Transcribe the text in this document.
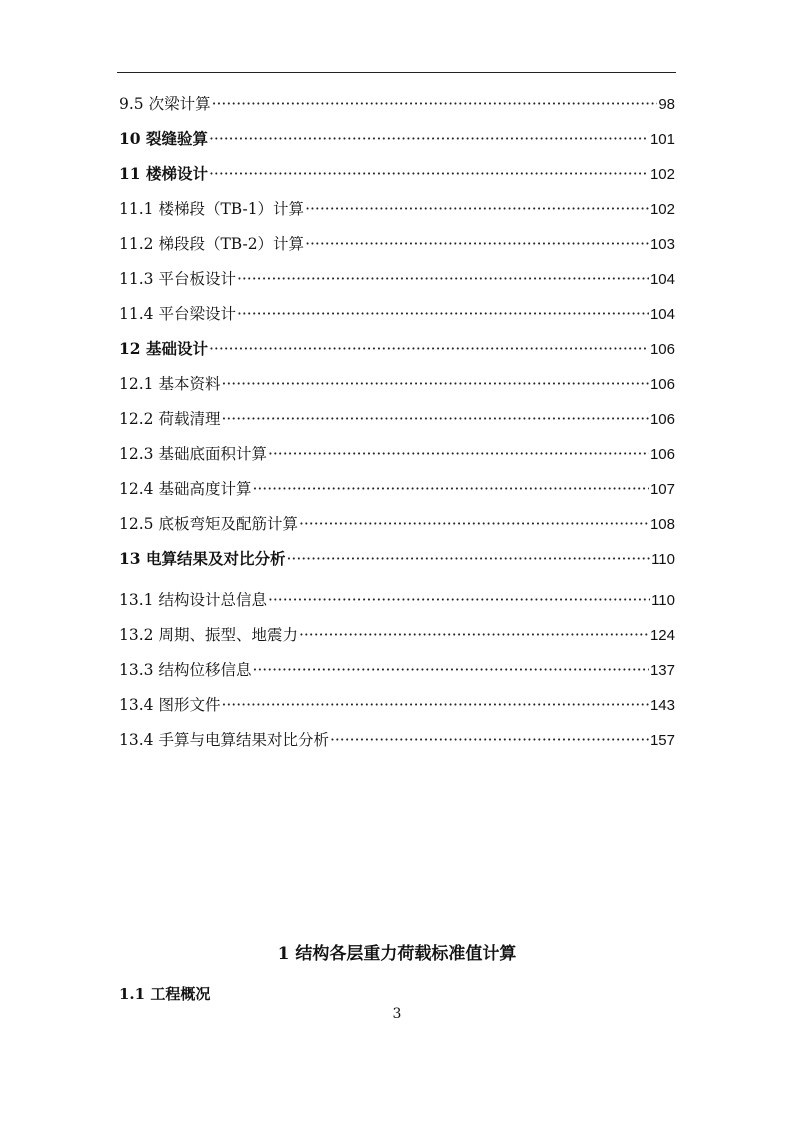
9.5 次梁计算 ·····	98
10 裂缝验算 ·····	101
11 楼梯设计 ·····	102
11.1 楼梯段（TB-1）计算 ·····	102
11.2 梯段段（TB-2）计算 ·····	103
11.3 平台板设计 ·····	104
11.4 平台梁设计 ·····	104
12 基础设计 ·····	106
12.1 基本资料 ·····	106
12.2 荷载清理 ·····	106
12.3 基础底面积计算 ·····	106
12.4 基础高度计算 ·····	107
12.5 底板弯矩及配筋计算 ·····	108
13 电算结果及对比分析 ·····	110
13.1 结构设计总信息 ·····	110
13.2 周期、振型、地震力 ·····	124
13.3 结构位移信息 ·····	137
13.4 图形文件 ·····	143
13.4 手算与电算结果对比分析 ·····	157
1 结构各层重力荷载标准值计算
1.1 工程概况
3
